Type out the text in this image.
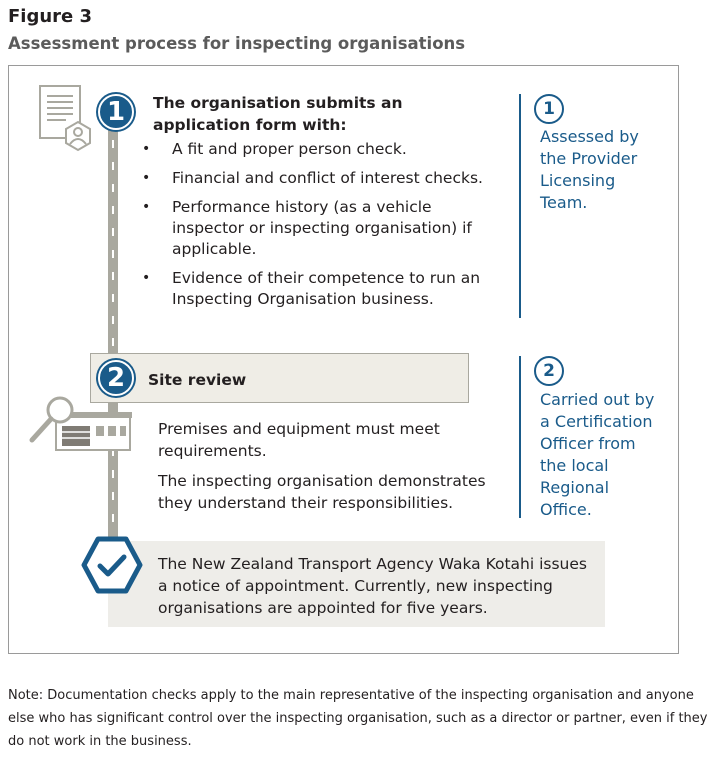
Figure 3
Assessment process for inspecting organisations
1	The organisation submits an application form with:
• A fit and proper person check.
• Financial and conflict of interest checks.
• Performance history (as a vehicle inspector or inspecting organisation) if applicable.
• Evidence of their competence to run an Inspecting Organisation business.
1
Assessed by the Provider Licensing Team.
2	Site review

Premises and equipment must meet requirements.

The inspecting organisation demonstrates they understand their responsibilities.

2
Carried out by a Certification Officer from the local Regional Office.
The New Zealand Transport Agency Waka Kotahi issues a notice of appointment. Currently, new inspecting organisations are appointed for five years.
Note: Documentation checks apply to the main representative of the inspecting organisation and anyone else who has significant control over the inspecting organisation, such as a director or partner, even if they do not work in the business.
